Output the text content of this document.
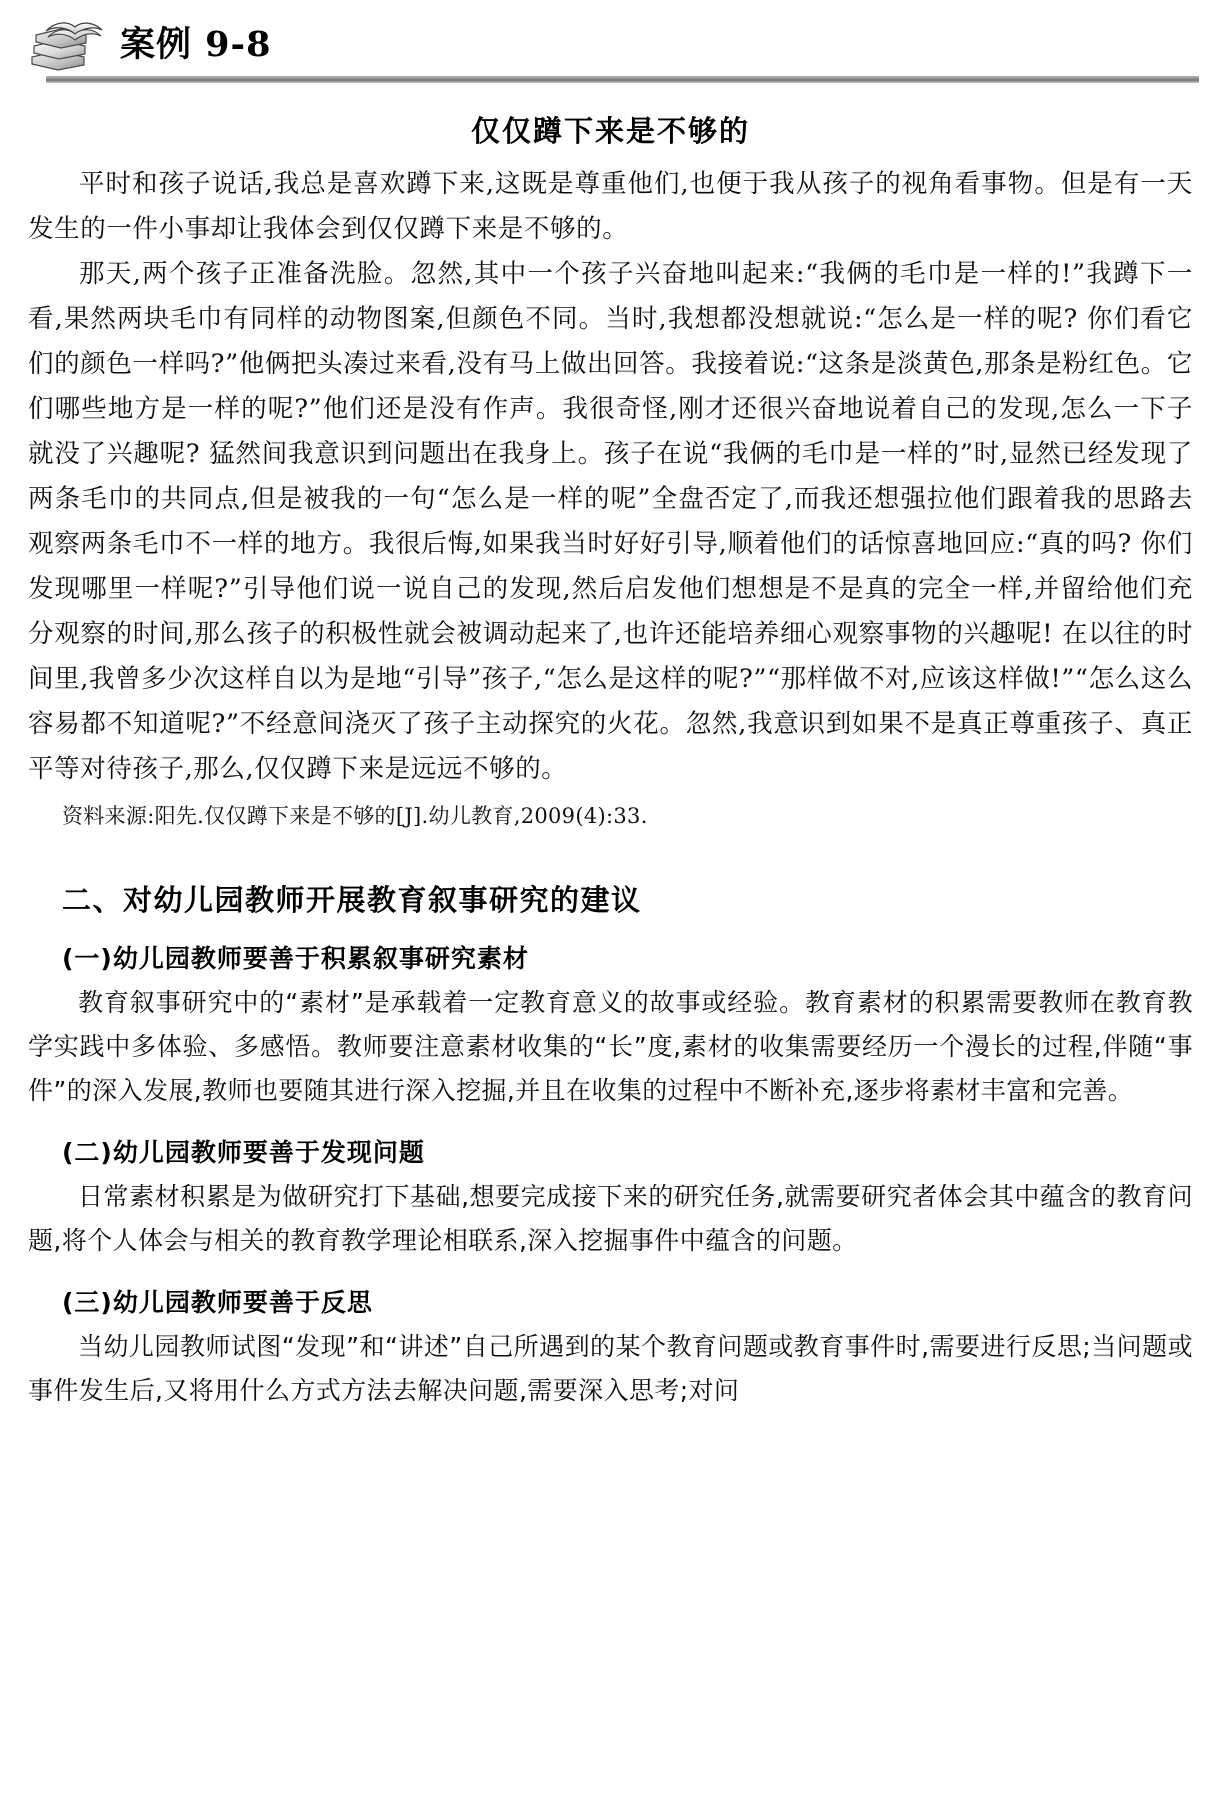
案例 9-8
仅仅蹲下来是不够的

平时和孩子说话,我总是喜欢蹲下来,这既是尊重他们,也便于我从孩子的视角看事物。但是有一天发生的一件小事却让我体会到仅仅蹲下来是不够的。

那天,两个孩子正准备洗脸。忽然,其中一个孩子兴奋地叫起来:“我俩的毛巾是一样的!”我蹲下一看,果然两块毛巾有同样的动物图案,但颜色不同。当时,我想都没想就说:“怎么是一样的呢? 你们看它们的颜色一样吗?”他俩把头凑过来看,没有马上做出回答。我接着说:“这条是淡黄色,那条是粉红色。它们哪些地方是一样的呢?”他们还是没有作声。我很奇怪,刚才还很兴奋地说着自己的发现,怎么一下子就没了兴趣呢? 猛然间我意识到问题出在我身上。孩子在说“我俩的毛巾是一样的”时,显然已经发现了两条毛巾的共同点,但是被我的一句“怎么是一样的呢”全盘否定了,而我还想强拉他们跟着我的思路去观察两条毛巾不一样的地方。我很后悔,如果我当时好好引导,顺着他们的话惊喜地回应:“真的吗? 你们发现哪里一样呢?”引导他们说一说自己的发现,然后启发他们想想是不是真的完全一样,并留给他们充分观察的时间,那么孩子的积极性就会被调动起来了,也许还能培养细心观察事物的兴趣呢! 在以往的时间里,我曾多少次这样自以为是地“引导”孩子,“怎么是这样的呢?”“那样做不对,应该这样做!”“怎么这么容易都不知道呢?”不经意间浇灭了孩子主动探究的火花。忽然,我意识到如果不是真正尊重孩子、真正平等对待孩子,那么,仅仅蹲下来是远远不够的。

资料来源:阳先.仅仅蹲下来是不够的[J].幼儿教育,2009(4):33.
二、对幼儿园教师开展教育叙事研究的建议
(一)幼儿园教师要善于积累叙事研究素材

教育叙事研究中的“素材”是承载着一定教育意义的故事或经验。教育素材的积累需要教师在教育教学实践中多体验、多感悟。教师要注意素材收集的“长”度,素材的收集需要经历一个漫长的过程,伴随“事件”的深入发展,教师也要随其进行深入挖掘,并且在收集的过程中不断补充,逐步将素材丰富和完善。

(二)幼儿园教师要善于发现问题

日常素材积累是为做研究打下基础,想要完成接下来的研究任务,就需要研究者体会其中蕴含的教育问题,将个人体会与相关的教育教学理论相联系,深入挖掘事件中蕴含的问题。

(三)幼儿园教师要善于反思

当幼儿园教师试图“发现”和“讲述”自己所遇到的某个教育问题或教育事件时,需要进行反思;当问题或事件发生后,又将用什么方式方法去解决问题,需要深入思考;对问
